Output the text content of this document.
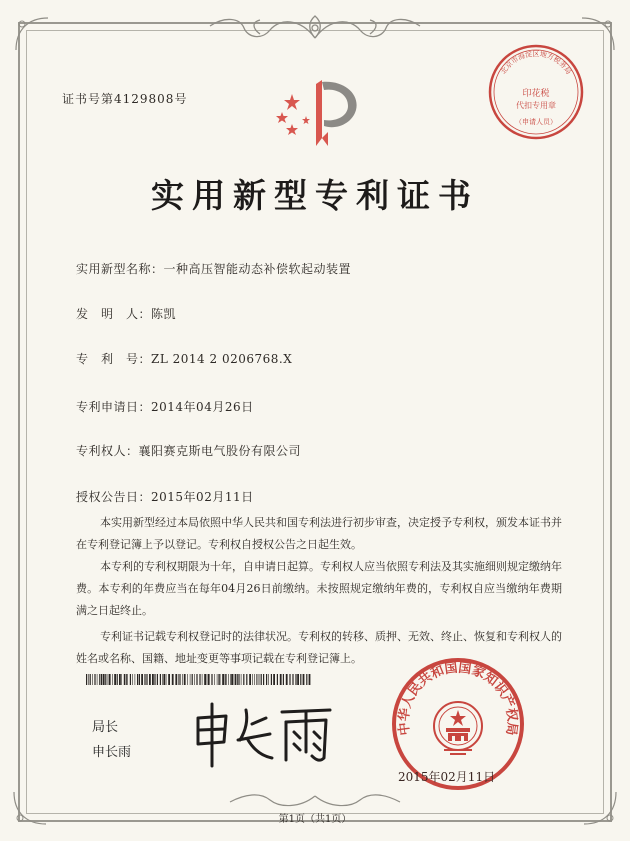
证书号第4129808号
北京市海淀区地方税务局
印花税
代扣专用章
（申请人员）
实用新型专利证书
实用新型名称：一种高压智能动态补偿软起动装置
发　明　人：陈凯
专　利　号：ZL 2014 2 0206768.X
专利申请日：2014年04月26日
专利权人：襄阳赛克斯电气股份有限公司
授权公告日：2015年02月11日

本实用新型经过本局依照中华人民共和国专利法进行初步审查，决定授予专利权，颁发本证书并在专利登记簿上予以登记。专利权自授权公告之日起生效。

本专利的专利权期限为十年，自申请日起算。专利权人应当依照专利法及其实施细则规定缴纳年费。本专利的年费应当在每年04月26日前缴纳。未按照规定缴纳年费的，专利权自应当缴纳年费期满之日起终止。

专利证书记载专利权登记时的法律状况。专利权的转移、质押、无效、终止、恢复和专利权人的姓名或名称、国籍、地址变更等事项记载在专利登记簿上。

局长
申长雨
中华人民共和国国家知识产权局
2015年02月11日
第1页（共1页）
